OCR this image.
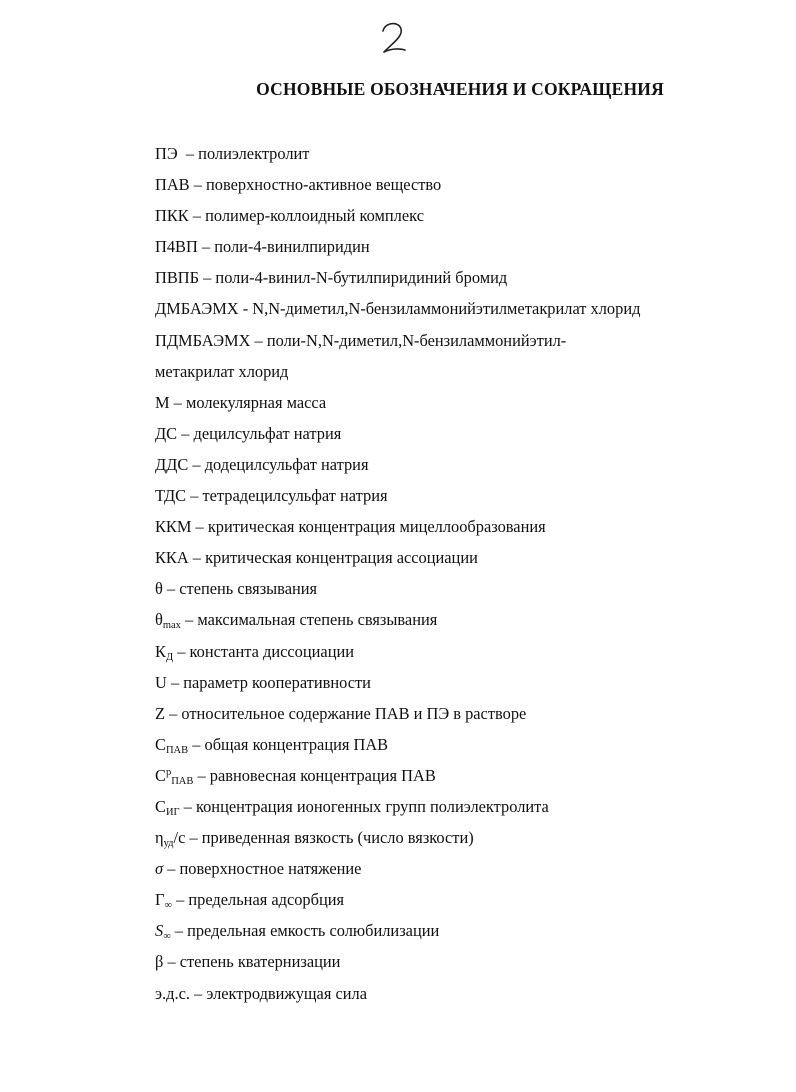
ОСНОВНЫЕ ОБОЗНАЧЕНИЯ И СОКРАЩЕНИЯ
ПЭ  – полиэлектролит
ПАВ – поверхностно-активное вещество
ПКК – полимер-коллоидный комплекс
П4ВП – поли-4-винилпиридин
ПВПБ – поли-4-винил-N-бутилпиридиний бромид
ДМБАЭМХ - N,N-диметил,N-бензиламмонийэтилметакрилат хлорид
ПДМБАЭМХ – поли-N,N-диметил,N-бензиламмонийэтил-
метакрилат хлорид
М – молекулярная масса
ДС – децилсульфат натрия
ДДС – додецилсульфат натрия
ТДС – тетрадецилсульфат натрия
ККМ – критическая концентрация мицеллообразования
ККА – критическая концентрация ассоциации
θ – степень связывания
$\theta_{max}$ – максимальная степень связывания
$К_Д$ – константа диссоциации
U – параметр кооперативности
Z – относительное содержание ПАВ и ПЭ в растворе
$С_{ПАВ}$ – общая концентрация ПАВ
$С^р_{ПАВ}$ – равновесная концентрация ПАВ
$С_{ИГ}$ – концентрация ионогенных групп полиэлектролита
$\eta_{уд}/с$ – приведенная вязкость (число вязкости)
σ – поверхностное натяжение
$Г_\infty$ – предельная адсорбция
$S_\infty$ – предельная емкость солюбилизации
β – степень кватернизации
э.д.с. – электродвижущая сила
